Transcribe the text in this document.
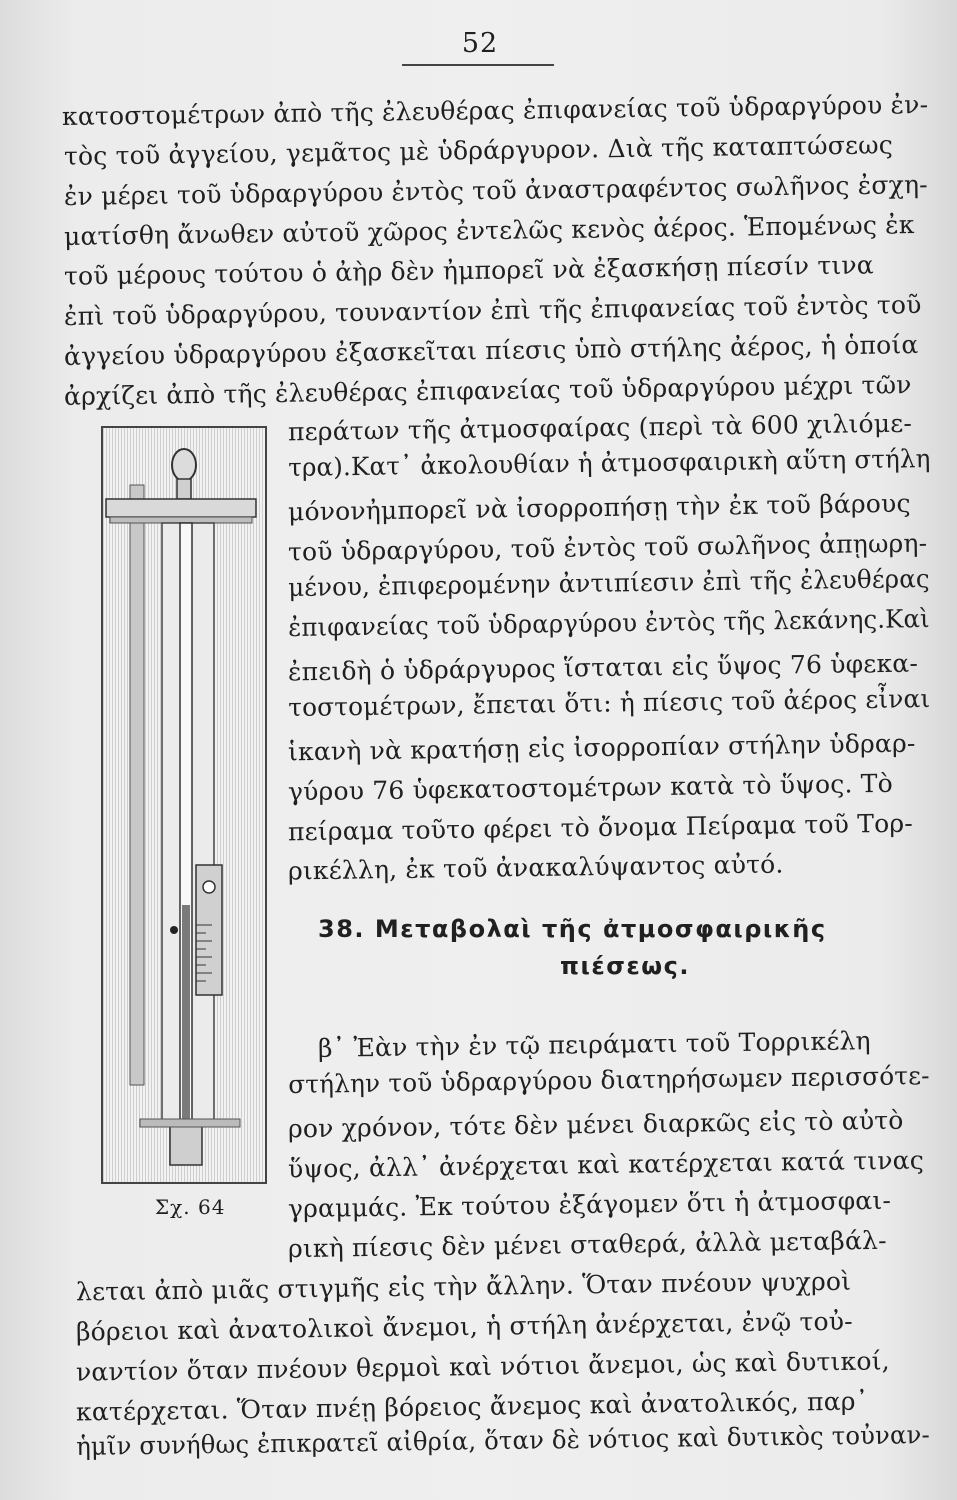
52
κατοστομέτρων ἀπὸ τῆς ἐλευθέρας ἐπιφανείας τοῦ ὑδραργύρου ἐν-
τὸς τοῦ ἀγγείου, γεμᾶτος μὲ ὑδράργυρον. Διὰ τῆς καταπτώσεως
ἐν μέρει τοῦ ὑδραργύρου ἐντὸς τοῦ ἀναστραφέντος σωλῆνος ἐσχη-
ματίσθη ἄνωθεν αὐτοῦ χῶρος ἐντελῶς κενὸς ἀέρος. Ἑπομένως ἐκ
τοῦ μέρους τούτου ὁ ἀὴρ δὲν ἠμπορεῖ νὰ ἐξασκήσῃ πίεσίν τινα
ἐπὶ τοῦ ὑδραργύρου, τουναντίον ἐπὶ τῆς ἐπιφανείας τοῦ ἐντὸς τοῦ
ἀγγείου ὑδραργύρου ἐξασκεῖται πίεσις ὑπὸ στήλης ἀέρος, ἡ ὁποία
ἀρχίζει ἀπὸ τῆς ἐλευθέρας ἐπιφανείας τοῦ ὑδραργύρου μέχρι τῶν
περάτων τῆς ἀτμοσφαίρας (περὶ τὰ 600 χιλιόμε-
τρα).Κατ᾽ ἀκολουθίαν ἡ ἀτμοσφαιρικὴ αὕτη στήλη
μόνονἠμπορεῖ νὰ ἰσορροπήσῃ τὴν ἐκ τοῦ βάρους
τοῦ ὑδραργύρου, τοῦ ἐντὸς τοῦ σωλῆνος ἀπῃωρη-
μένου, ἐπιφερομένην ἀντιπίεσιν ἐπὶ τῆς ἐλευθέρας
ἐπιφανείας τοῦ ὑδραργύρου ἐντὸς τῆς λεκάνης.Καὶ
ἐπειδὴ ὁ ὑδράργυρος ἵσταται εἰς ὕψος 76 ὑφεκα-
τοστομέτρων, ἔπεται ὅτι: ἡ πίεσις τοῦ ἀέρος εἶναι
ἱκανὴ νὰ κρατήσῃ εἰς ἰσορροπίαν στήλην ὑδραρ-
γύρου 76 ὑφεκατοστομέτρων κατὰ τὸ ὕψος. Τὸ
πείραμα τοῦτο φέρει τὸ ὄνομα Πείραμα τοῦ Τορ-
ρικέλλη, ἐκ τοῦ ἀνακαλύψαντος αὐτό.
38. Μεταβολαὶ τῆς ἀτμοσφαιρικῆς
πιέσεως.
β᾽ Ἐὰν τὴν ἐν τῷ πειράματι τοῦ Τορρικέλη
στήλην τοῦ ὑδραργύρου διατηρήσωμεν περισσότε-
ρον χρόνον, τότε δὲν μένει διαρκῶς εἰς τὸ αὐτὸ
ὕψος, ἀλλ᾽ ἀνέρχεται καὶ κατέρχεται κατά τινας
γραμμάς. Ἐκ τούτου ἐξάγομεν ὅτι ἡ ἀτμοσφαι-
ρικὴ πίεσις δὲν μένει σταθερά, ἀλλὰ μεταβάλ-
Σχ. 64
λεται ἀπὸ μιᾶς στιγμῆς εἰς τὴν ἄλλην. Ὅταν πνέουν ψυχροὶ
βόρειοι καὶ ἀνατολικοὶ ἄνεμοι, ἡ στήλη ἀνέρχεται, ἐνῷ τοὐ-
ναντίον ὅταν πνέουν θερμοὶ καὶ νότιοι ἄνεμοι, ὡς καὶ δυτικοί,
κατέρχεται. Ὅταν πνέῃ βόρειος ἄνεμος καὶ ἀνατολικός, παρ᾽
ἡμῖν συνήθως ἐπικρατεῖ αἰθρία, ὅταν δὲ νότιος καὶ δυτικὸς τοὐναν-
